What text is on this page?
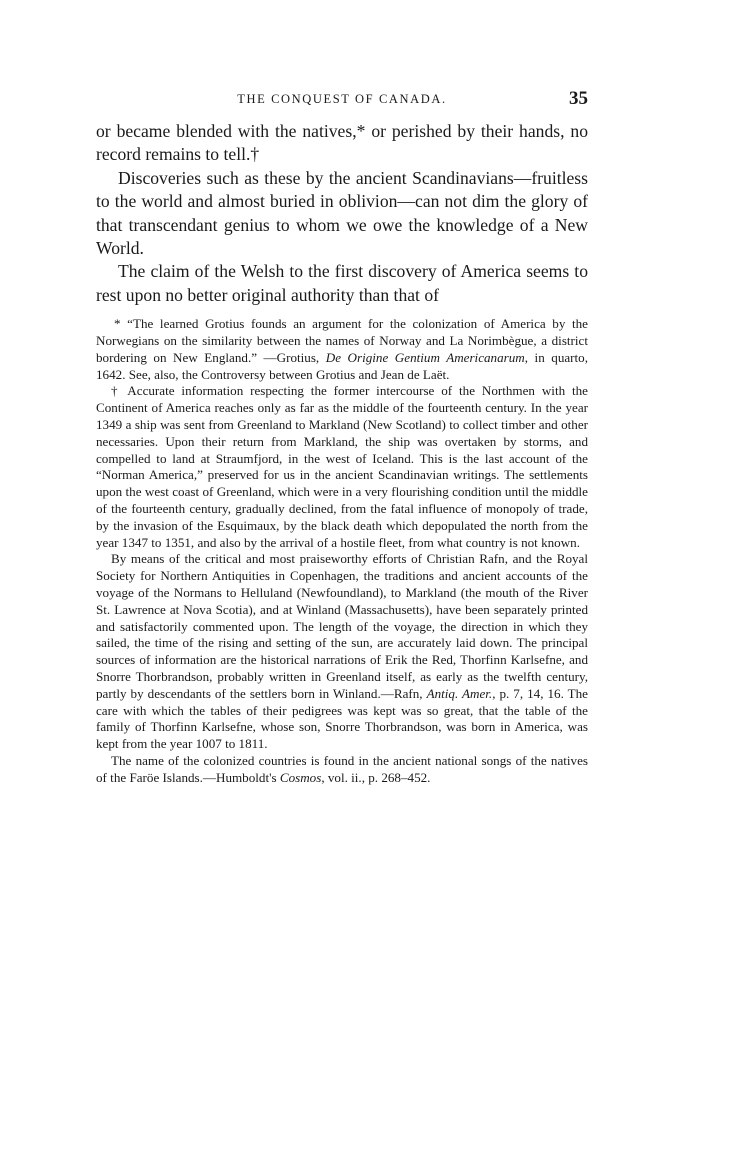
THE CONQUEST OF CANADA.	35

or became blended with the natives,* or perished by their hands, no record remains to tell.†

Discoveries such as these by the ancient Scandinavians—fruitless to the world and almost buried in oblivion—can not dim the glory of that transcendant genius to whom we owe the knowledge of a New World.

The claim of the Welsh to the first discovery of America seems to rest upon no better original authority than that of

* “The learned Grotius founds an argument for the colonization of America by the Norwegians on the similarity between the names of Norway and La Norimbègue, a district bordering on New England.” —Grotius, De Origine Gentium Americanarum, in quarto, 1642. See, also, the Controversy between Grotius and Jean de Laët.

† Accurate information respecting the former intercourse of the Northmen with the Continent of America reaches only as far as the middle of the fourteenth century. In the year 1349 a ship was sent from Greenland to Markland (New Scotland) to collect timber and other necessaries. Upon their return from Markland, the ship was overtaken by storms, and compelled to land at Straumfjord, in the west of Iceland. This is the last account of the “Norman America,” preserved for us in the ancient Scandinavian writings. The settlements upon the west coast of Greenland, which were in a very flourishing condition until the middle of the fourteenth century, gradually declined, from the fatal influence of monopoly of trade, by the invasion of the Esquimaux, by the black death which depopulated the north from the year 1347 to 1351, and also by the arrival of a hostile fleet, from what country is not known.

By means of the critical and most praiseworthy efforts of Christian Rafn, and the Royal Society for Northern Antiquities in Copenhagen, the traditions and ancient accounts of the voyage of the Normans to Helluland (Newfoundland), to Markland (the mouth of the River St. Lawrence at Nova Scotia), and at Winland (Massachusetts), have been separately printed and satisfactorily commented upon. The length of the voyage, the direction in which they sailed, the time of the rising and setting of the sun, are accurately laid down. The principal sources of information are the historical narrations of Erik the Red, Thorfinn Karlsefne, and Snorre Thorbrandson, probably written in Greenland itself, as early as the twelfth century, partly by descendants of the settlers born in Winland.—Rafn, Antiq. Amer., p. 7, 14, 16. The care with which the tables of their pedigrees was kept was so great, that the table of the family of Thorfinn Karlsefne, whose son, Snorre Thorbrandson, was born in America, was kept from the year 1007 to 1811.

The name of the colonized countries is found in the ancient national songs of the natives of the Faröe Islands.—Humboldt's Cosmos, vol. ii., p. 268–452.
